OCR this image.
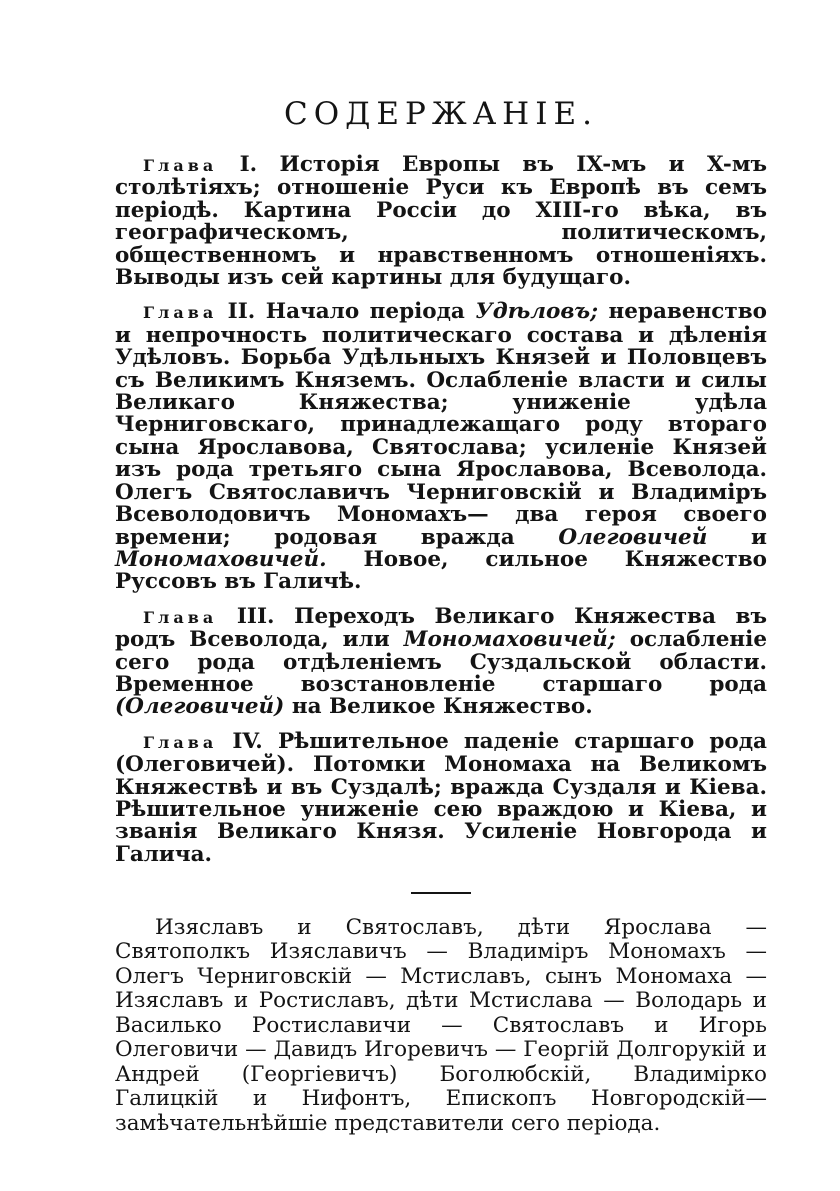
СОДЕРЖАНІЕ.

Глава I. Исторія Европы въ IX-мъ и X-мъ столѣтіяхъ; отношеніе Руси къ Европѣ въ семъ періодѣ. Картина Россіи до XIII-го вѣка, въ географическомъ, политическомъ, общественномъ и нравственномъ отношеніяхъ. Выводы изъ сей картины для будущаго.

Глава II. Начало періода Удѣловъ; неравенство и непрочность политическаго состава и дѣленія Удѣловъ. Борьба Удѣльныхъ Князей и Половцевъ съ Великимъ Княземъ. Ослабленіе власти и силы Великаго Княжества; униженіе удѣла Черниговскаго, принадлежащаго роду втораго сына Ярославова, Святослава; усиленіе Князей изъ рода третьяго сына Ярославова, Всеволода. Олегъ Святославичъ Черниговскій и Владиміръ Всеволодовичъ Мономахъ— два героя своего времени; родовая вражда Олеговичей и Мономаховичей. Новое, сильное Княжество Руссовъ въ Галичѣ.

Глава III. Переходъ Великаго Княжества въ родъ Всеволода, или Мономаховичей; ослабленіе сего рода отдѣленіемъ Суздальской области. Временное возстановленіе старшаго рода (Олеговичей) на Великое Княжество.

Глава IV. Рѣшительное паденіе старшаго рода (Олеговичей). Потомки Мономаха на Великомъ Княжествѣ и въ Суздалѣ; вражда Суздаля и Кіева. Рѣшительное униженіе сею враждою и Кіева, и званія Великаго Князя. Усиленіе Новгорода и Галича.

Изяславъ и Святославъ, дѣти Ярослава — Святополкъ Изяславичъ — Владиміръ Мономахъ — Олегъ Черниговскій — Мстиславъ, сынъ Мономаха — Изяславъ и Ростиславъ, дѣти Мстислава — Володарь и Василько Ростиславичи — Святославъ и Игорь Олеговичи — Давидъ Игоревичъ — Георгій Долгорукій и Андрей (Георгіевичъ) Боголюбскій, Владимірко Галицкій и Нифонтъ, Епископъ Новгородскій— замѣчательнѣйшіе представители сего періода.
